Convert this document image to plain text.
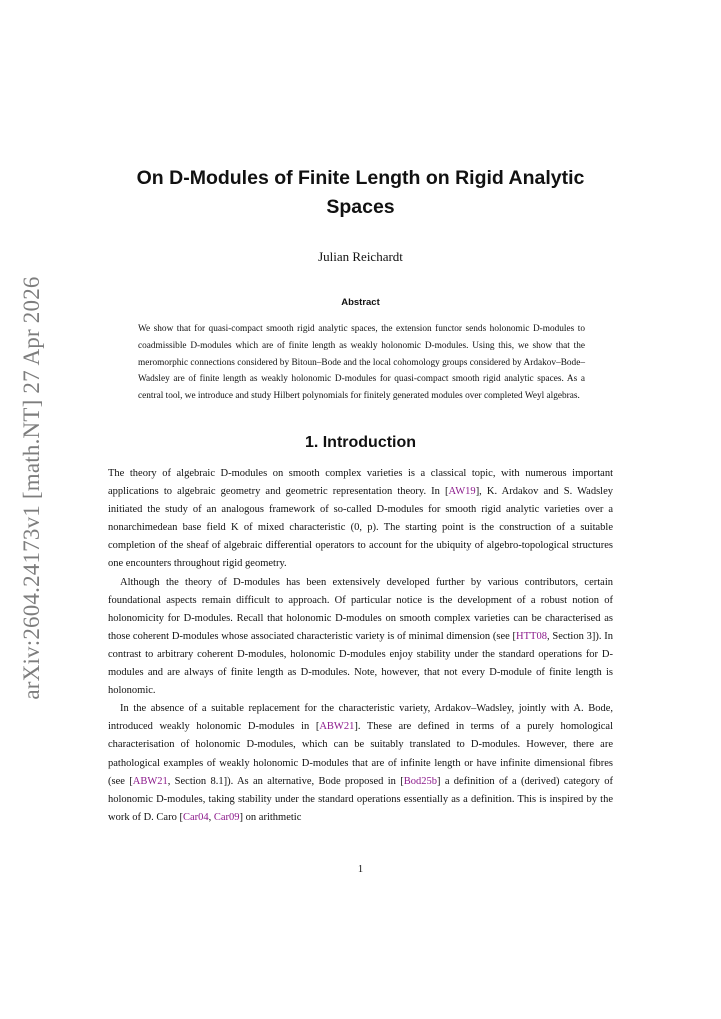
arXiv:2604.24173v1 [math.NT] 27 Apr 2026
On D-Modules of Finite Length on Rigid Analytic Spaces
Julian Reichardt
Abstract
We show that for quasi-compact smooth rigid analytic spaces, the extension functor sends holonomic D-modules to coadmissible D-modules which are of finite length as weakly holonomic D-modules. Using this, we show that the meromorphic connections considered by Bitoun–Bode and the local cohomology groups considered by Ardakov–Bode–Wadsley are of finite length as weakly holonomic D-modules for quasi-compact smooth rigid analytic spaces. As a central tool, we introduce and study Hilbert polynomials for finitely generated modules over completed Weyl algebras.
1. Introduction

The theory of algebraic D-modules on smooth complex varieties is a classical topic, with numerous important applications to algebraic geometry and geometric representation theory. In [AW19], K. Ardakov and S. Wadsley initiated the study of an analogous framework of so-called D-modules for smooth rigid analytic varieties over a nonarchimedean base field K of mixed characteristic (0, p). The starting point is the construction of a suitable completion of the sheaf of algebraic differential operators to account for the ubiquity of algebro-topological structures one encounters throughout rigid geometry.

Although the theory of D-modules has been extensively developed further by various contributors, certain foundational aspects remain difficult to approach. Of particular notice is the development of a robust notion of holonomicity for D-modules. Recall that holonomic D-modules on smooth complex varieties can be characterised as those coherent D-modules whose associated characteristic variety is of minimal dimension (see [HTT08, Section 3]). In contrast to arbitrary coherent D-modules, holonomic D-modules enjoy stability under the standard operations for D-modules and are always of finite length as D-modules. Note, however, that not every D-module of finite length is holonomic.

In the absence of a suitable replacement for the characteristic variety, Ardakov–Wadsley, jointly with A. Bode, introduced weakly holonomic D-modules in [ABW21]. These are defined in terms of a purely homological characterisation of holonomic D-modules, which can be suitably translated to D-modules. However, there are pathological examples of weakly holonomic D-modules that are of infinite length or have infinite dimensional fibres (see [ABW21, Section 8.1]). As an alternative, Bode proposed in [Bod25b] a definition of a (derived) category of holonomic D-modules, taking stability under the standard operations essentially as a definition. This is inspired by the work of D. Caro [Car04, Car09] on arithmetic

1
